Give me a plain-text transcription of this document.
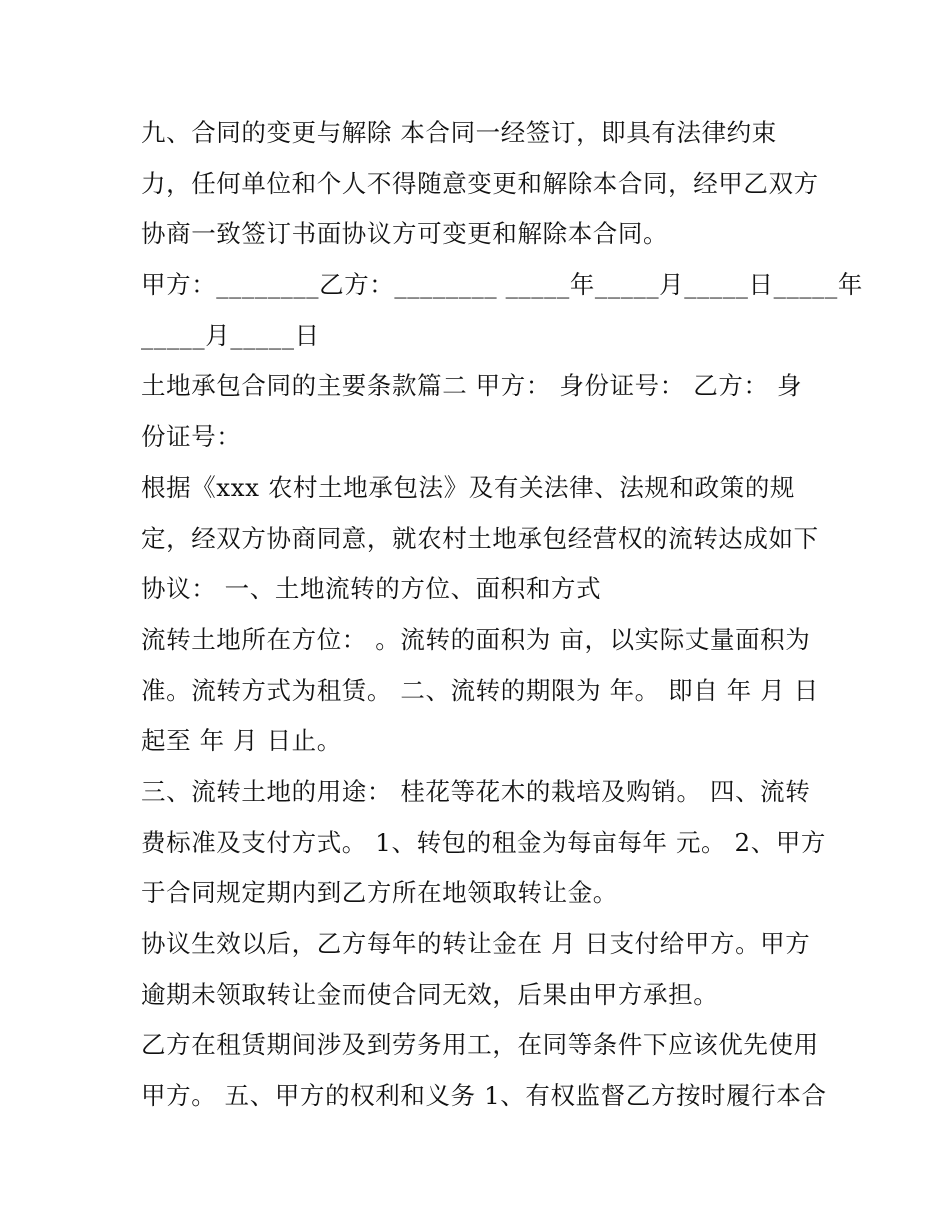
九、合同的变更与解除 本合同一经签订，即具有法律约束
力，任何单位和个人不得随意变更和解除本合同，经甲乙双方
协商一致签订书面协议方可变更和解除本合同。
甲方：________乙方：________ _____年_____月_____日_____年
_____月_____日
土地承包合同的主要条款篇二 甲方： 身份证号： 乙方： 身
份证号：
根据《xxx 农村土地承包法》及有关法律、法规和政策的规
定，经双方协商同意，就农村土地承包经营权的流转达成如下
协议： 一、土地流转的方位、面积和方式
流转土地所在方位： 。流转的面积为 亩，以实际丈量面积为
准。流转方式为租赁。 二、流转的期限为 年。 即自 年 月 日
起至 年 月 日止。
三、流转土地的用途： 桂花等花木的栽培及购销。 四、流转
费标准及支付方式。 1、转包的租金为每亩每年 元。 2、甲方
于合同规定期内到乙方所在地领取转让金。
协议生效以后，乙方每年的转让金在 月 日支付给甲方。甲方
逾期未领取转让金而使合同无效，后果由甲方承担。
乙方在租赁期间涉及到劳务用工，在同等条件下应该优先使用
甲方。 五、甲方的权利和义务 1、有权监督乙方按时履行本合
